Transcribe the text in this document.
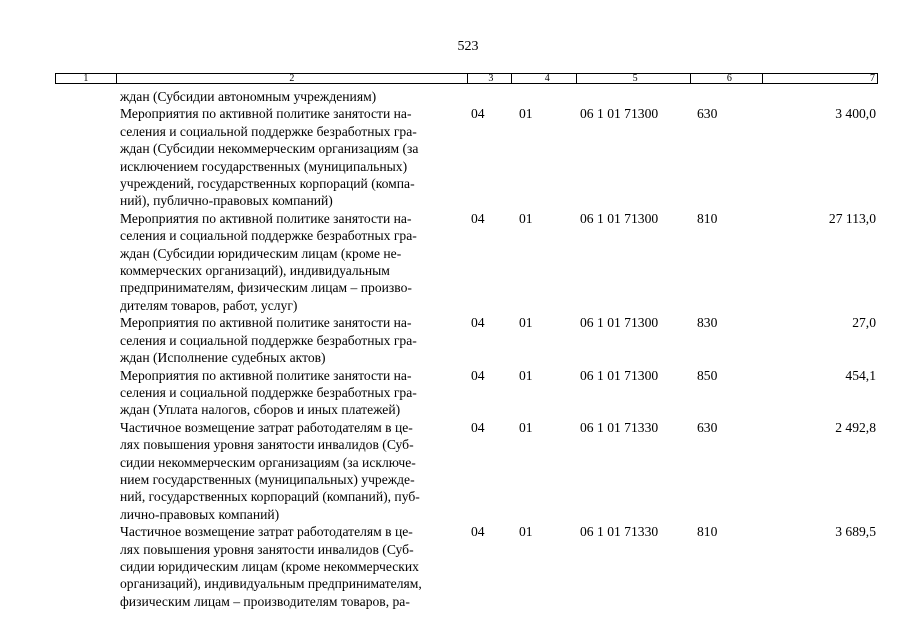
523
1	2	3	4	5	6	7
ждан (Субсидии автономным учреждениям)
Мероприятия по активной политике занятости на-
селения и социальной поддержке безработных гра-
ждан (Субсидии некоммерческим организациям (за
исключением государственных (муниципальных)
учреждений, государственных корпораций (компа-
ний), публично-правовых компаний)
04	01	06 1 01 71300	630	3 400,0
Мероприятия по активной политике занятости на-
селения и социальной поддержке безработных гра-
ждан (Субсидии юридическим лицам (кроме не-
коммерческих организаций), индивидуальным
предпринимателям, физическим лицам – произво-
дителям товаров, работ, услуг)
04	01	06 1 01 71300	810	27 113,0
Мероприятия по активной политике занятости на-
селения и социальной поддержке безработных гра-
ждан (Исполнение судебных актов)
04	01	06 1 01 71300	830	27,0
Мероприятия по активной политике занятости на-
селения и социальной поддержке безработных гра-
ждан (Уплата налогов, сборов и иных платежей)
04	01	06 1 01 71300	850	454,1
Частичное возмещение затрат работодателям в це-
лях повышения уровня занятости инвалидов (Суб-
сидии некоммерческим организациям (за исключе-
нием государственных (муниципальных) учрежде-
ний, государственных корпораций (компаний), пуб-
лично-правовых компаний)
04	01	06 1 01 71330	630	2 492,8
Частичное возмещение затрат работодателям в це-
лях повышения уровня занятости инвалидов (Суб-
сидии юридическим лицам (кроме некоммерческих
организаций), индивидуальным предпринимателям,
физическим лицам – производителям товаров, ра-
04	01	06 1 01 71330	810	3 689,5
